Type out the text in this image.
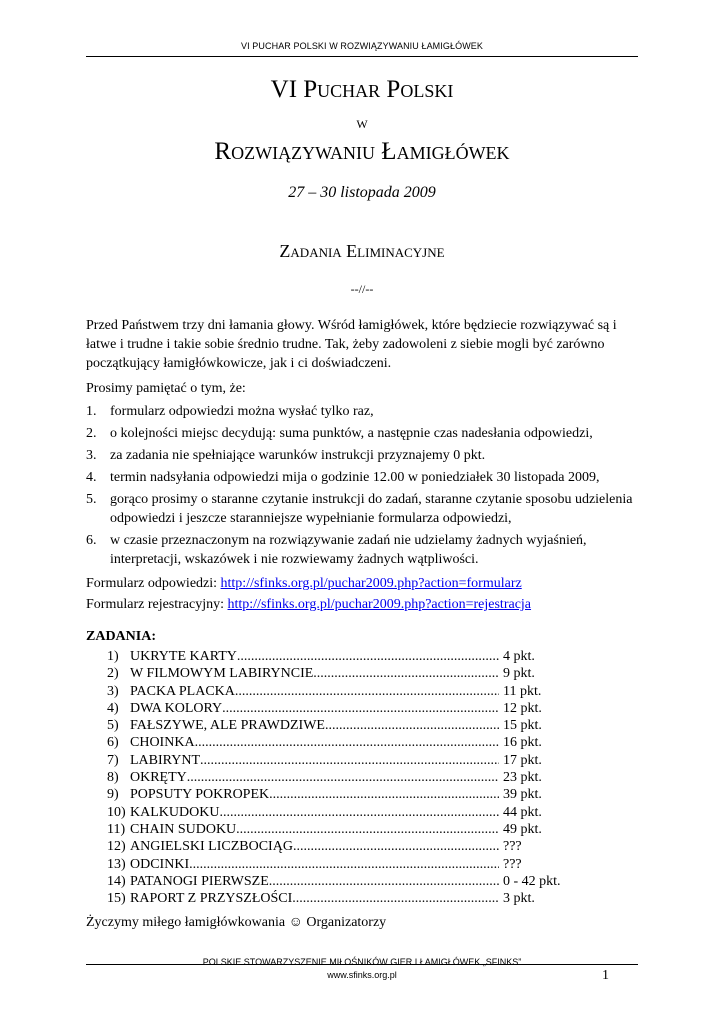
VI PUCHAR POLSKI W ROZWIĄZYWANIU ŁAMIGŁÓWEK
VI Puchar Polski
w
Rozwiązywaniu Łamigłówek
27 – 30 listopada 2009
Zadania Eliminacyjne
--//--
Przed Państwem trzy dni łamania głowy. Wśród łamigłówek, które będziecie rozwiązywać są i łatwe i trudne i takie sobie średnio trudne. Tak, żeby zadowoleni z siebie mogli być zarówno początkujący łamigłówkowicze, jak i ci doświadczeni.
Prosimy pamiętać o tym, że:
1. formularz odpowiedzi można wysłać tylko raz,
2. o kolejności miejsc decydują: suma punktów, a następnie czas nadesłania odpowiedzi,
3. za zadania nie spełniające warunków instrukcji przyznajemy 0 pkt.
4. termin nadsyłania odpowiedzi mija o godzinie 12.00 w poniedziałek 30 listopada 2009,
5. gorąco prosimy o staranne czytanie instrukcji do zadań, staranne czytanie sposobu udzielenia odpowiedzi i jeszcze staranniejsze wypełnianie formularza odpowiedzi,
6. w czasie przeznaczonym na rozwiązywanie zadań nie udzielamy żadnych wyjaśnień, interpretacji, wskazówek i nie rozwiewamy żadnych wątpliwości.
Formularz odpowiedzi: http://sfinks.org.pl/puchar2009.php?action=formularz
Formularz rejestracyjny: http://sfinks.org.pl/puchar2009.php?action=rejestracja
ZADANIA:
1) UKRYTE KARTY .....	4 pkt.
2) W FILMOWYM LABIRYNCIE .....	9 pkt.
3) PACKA PLACKA .....	11 pkt.
4) DWA KOLORY .....	12 pkt.
5) FAŁSZYWE, ALE PRAWDZIWE .....	15 pkt.
6) CHOINKA .....	16 pkt.
7) LABIRYNT .....	17 pkt.
8) OKRĘTY .....	23 pkt.
9) POPSUTY POKROPEK .....	39 pkt.
10) KALKUDOKU .....	44 pkt.
11) CHAIN SUDOKU .....	49 pkt.
12) ANGIELSKI LICZBOCIĄG .....	???
13) ODCINKI .....	???
14) PATANOGI PIERWSZE .....	0 - 42 pkt.
15) RAPORT Z PRZYSZŁOŚCI .....	3 pkt.
Życzymy miłego łamigłówkowania ☺ Organizatorzy
POLSKIE STOWARZYSZENIE MIŁOŚNIKÓW GIER I ŁAMIGŁÓWEK „SFINKS”
www.sfinks.org.pl	1
